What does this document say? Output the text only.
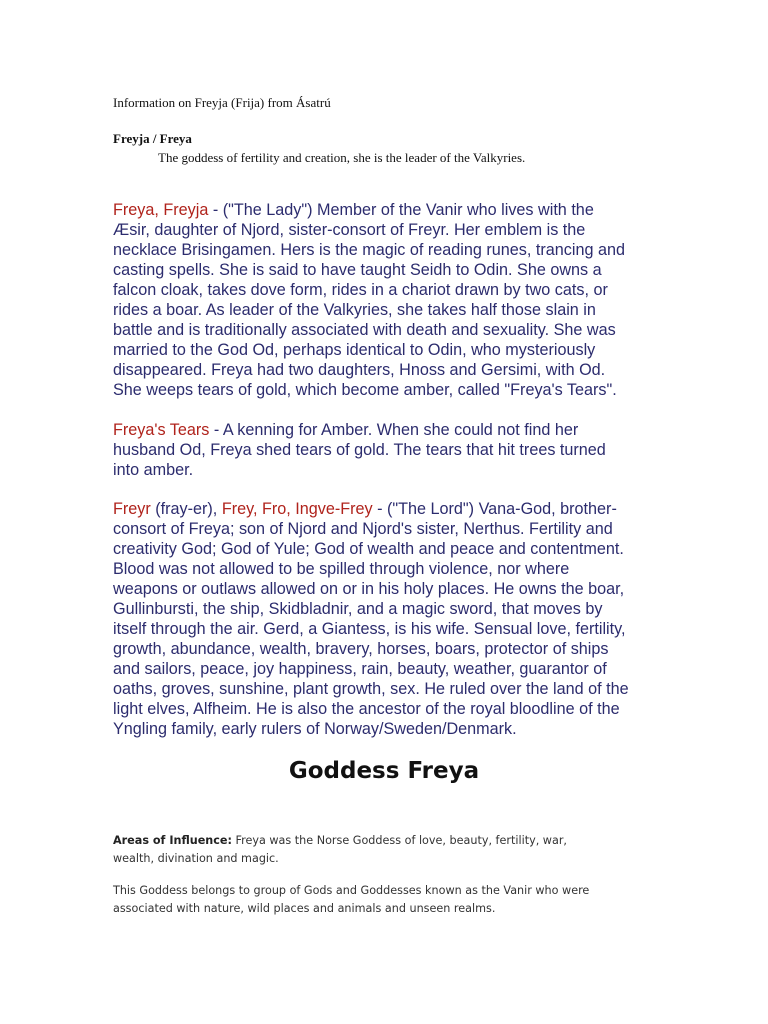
Information on Freyja (Frija) from Ásatrú
Freyja / Freya
The goddess of fertility and creation, she is the leader of the Valkyries.

Freya, Freyja - ("The Lady") Member of the Vanir who lives with the
Æsir, daughter of Njord, sister-consort of Freyr. Her emblem is the
necklace Brisingamen. Hers is the magic of reading runes, trancing and
casting spells. She is said to have taught Seidh to Odin. She owns a
falcon cloak, takes dove form, rides in a chariot drawn by two cats, or
rides a boar. As leader of the Valkyries, she takes half those slain in
battle and is traditionally associated with death and sexuality. She was
married to the God Od, perhaps identical to Odin, who mysteriously
disappeared. Freya had two daughters, Hnoss and Gersimi, with Od.
She weeps tears of gold, which become amber, called "Freya's Tears".

Freya's Tears - A kenning for Amber. When she could not find her
husband Od, Freya shed tears of gold. The tears that hit trees turned
into amber.

Freyr (fray-er), Frey, Fro, Ingve-Frey - ("The Lord") Vana-God, brother-
consort of Freya; son of Njord and Njord's sister, Nerthus. Fertility and
creativity God; God of Yule; God of wealth and peace and contentment.
Blood was not allowed to be spilled through violence, nor where
weapons or outlaws allowed on or in his holy places. He owns the boar,
Gullinbursti, the ship, Skidbladnir, and a magic sword, that moves by
itself through the air. Gerd, a Giantess, is his wife. Sensual love, fertility,
growth, abundance, wealth, bravery, horses, boars, protector of ships
and sailors, peace, joy happiness, rain, beauty, weather, guarantor of
oaths, groves, sunshine, plant growth, sex. He ruled over the land of the
light elves, Alfheim. He is also the ancestor of the royal bloodline of the
Yngling family, early rulers of Norway/Sweden/Denmark.

Goddess Freya
Areas of Influence: Freya was the Norse Goddess of love, beauty, fertility, war,
wealth, divination and magic.
This Goddess belongs to group of Gods and Goddesses known as the Vanir who were
associated with nature, wild places and animals and unseen realms.
